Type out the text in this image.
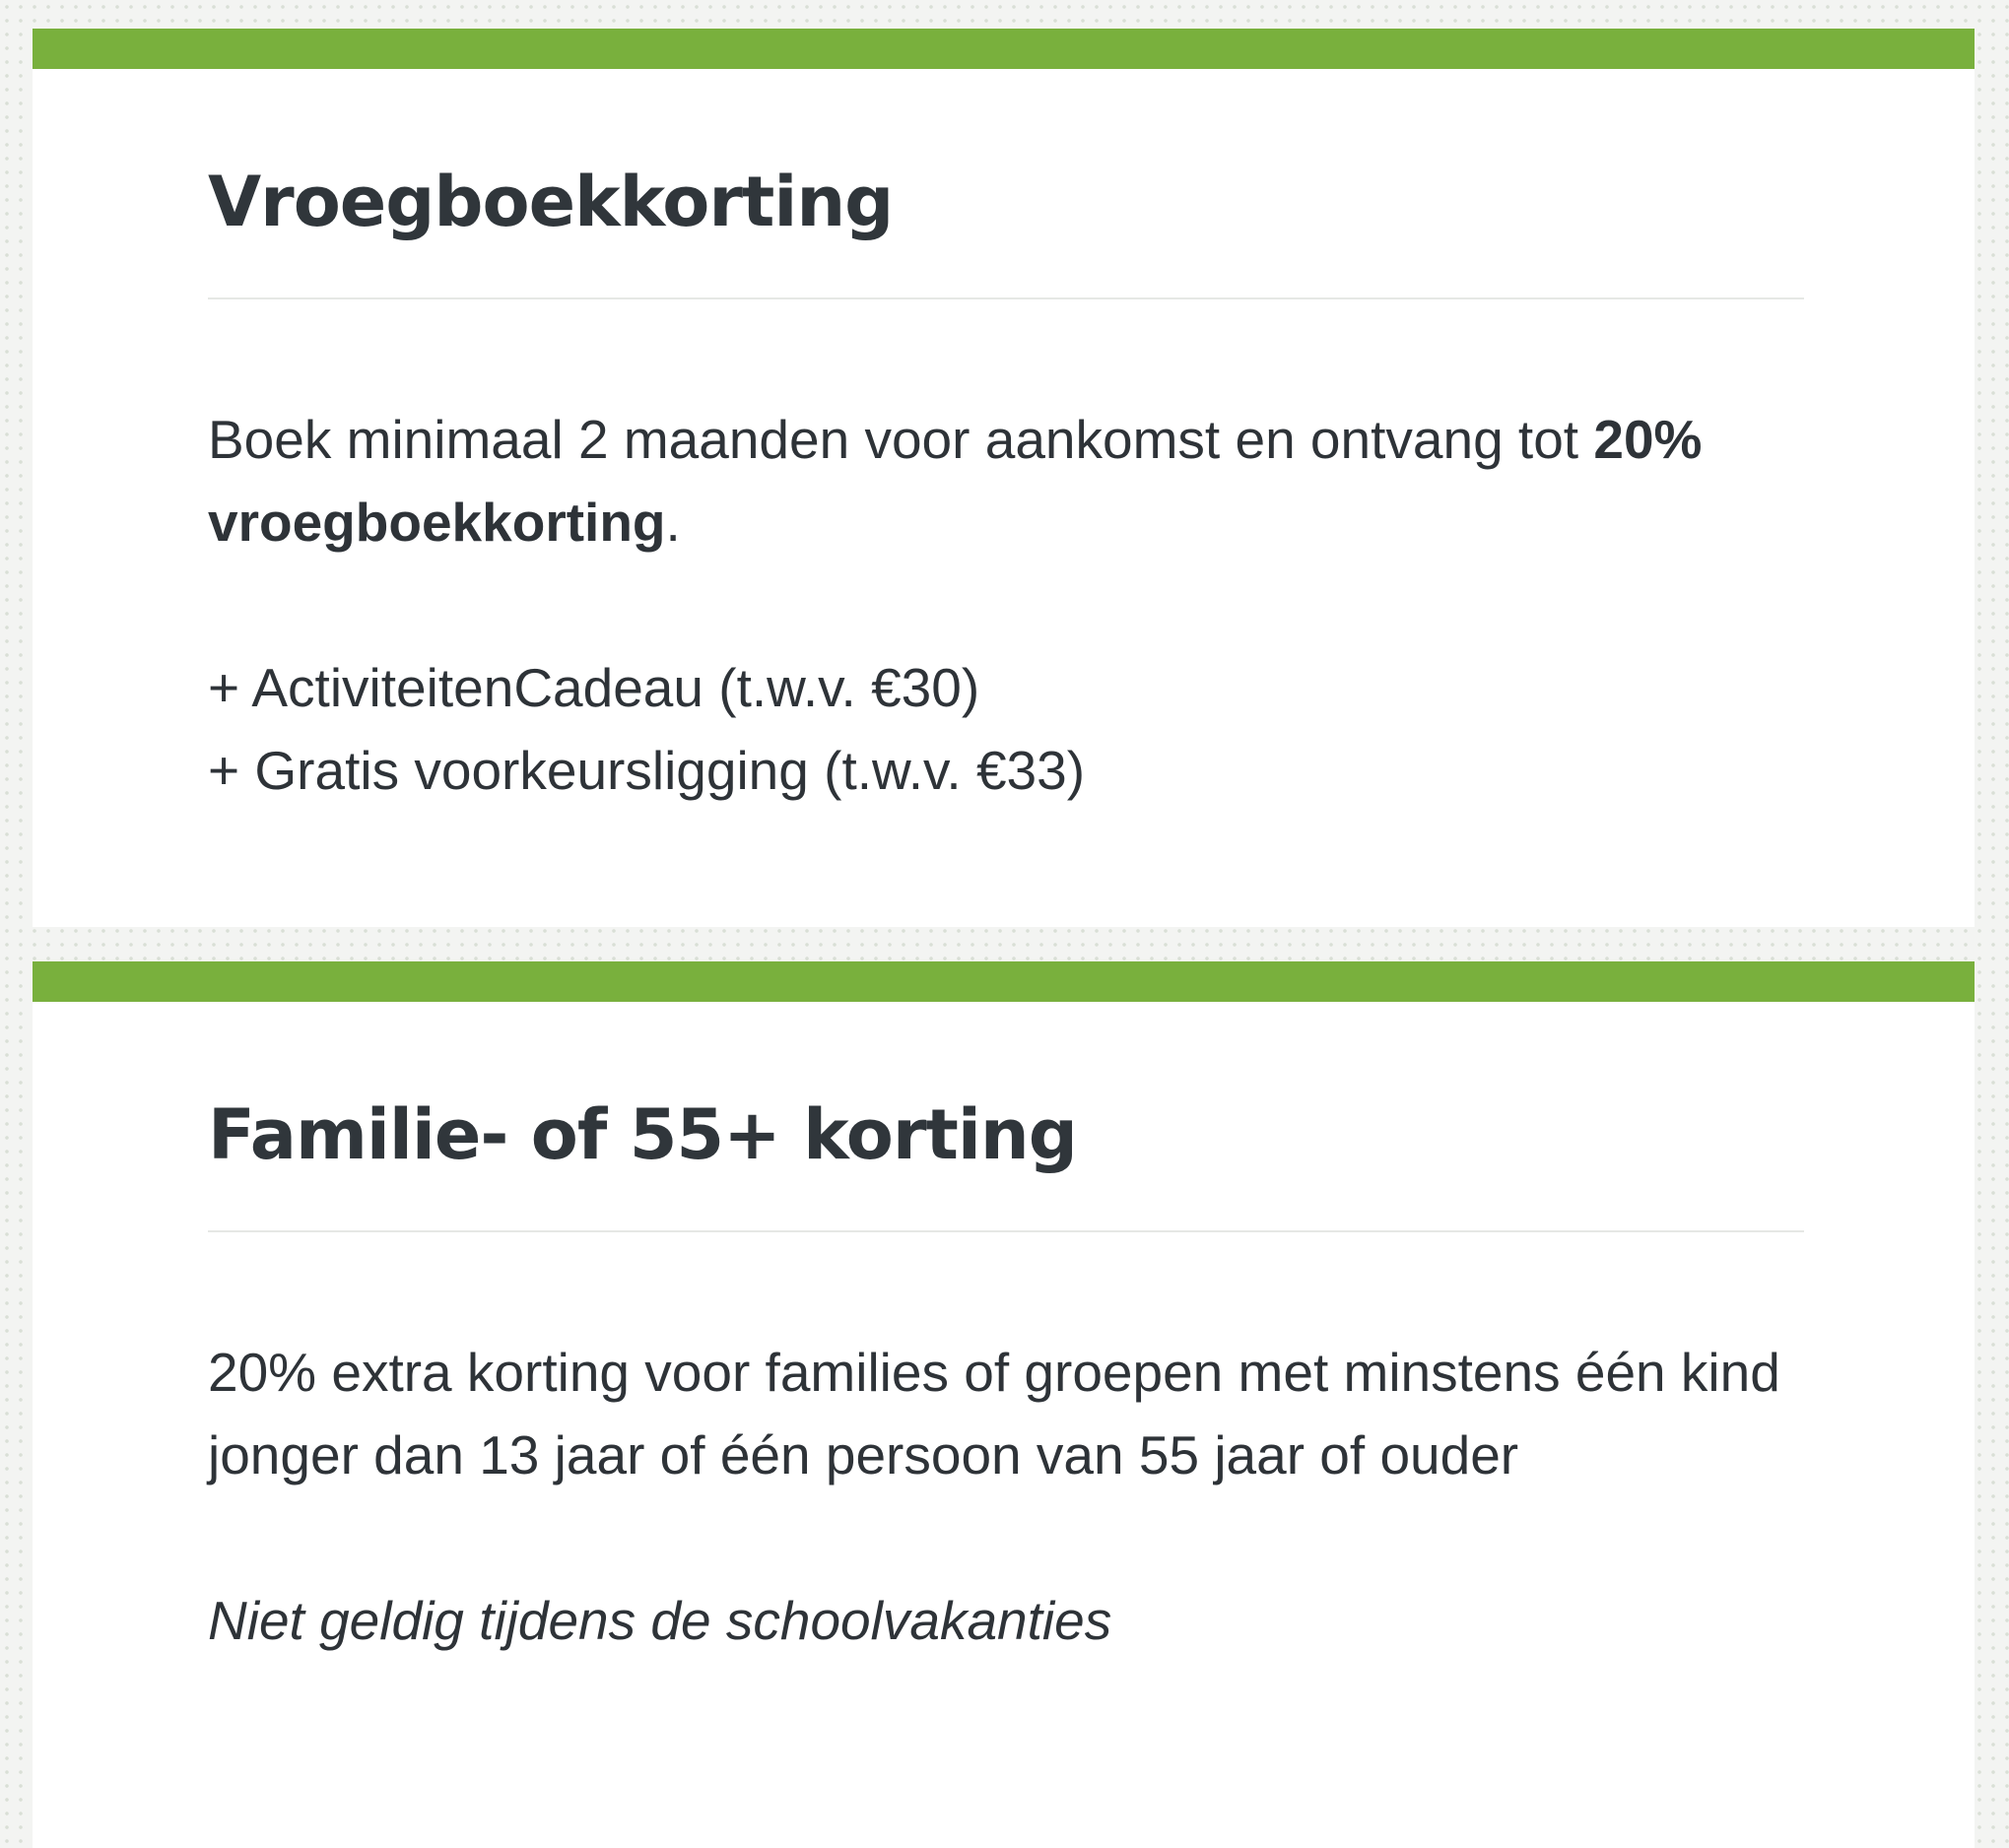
Vroegboekkorting

Boek minimaal 2 maanden voor aankomst en ontvang tot 20% vroegboekkorting.

+ ActiviteitenCadeau (t.w.v. €30)

+ Gratis voorkeursligging (t.w.v. €33)

Familie- of 55+ korting

20% extra korting voor families of groepen met minstens één kind jonger dan 13 jaar of één persoon van 55 jaar of ouder

Niet geldig tijdens de schoolvakanties
